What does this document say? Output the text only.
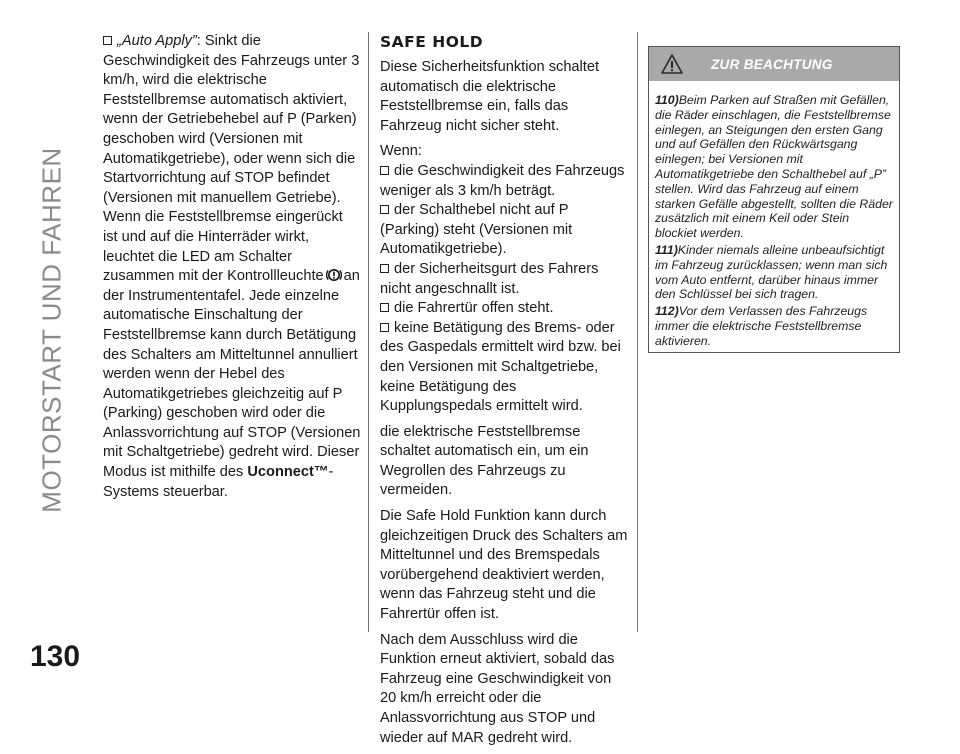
MOTORSTART UND FAHREN
130

„Auto Apply”: Sinkt die Geschwindigkeit des Fahrzeugs unter 3 km/h, wird die elektrische Feststellbremse automatisch aktiviert, wenn der Getriebehebel auf P (Parken) geschoben wird (Versionen mit Automatikgetriebe), oder wenn sich die Startvorrichtung auf STOP befindet (Versionen mit manuellem Getriebe). Wenn die Feststellbremse eingerückt ist und auf die Hinterräder wirkt, leuchtet die LED am Schalter zusammen mit der Kontrollleuchte an der Instrumententafel. Jede einzelne automatische Einschaltung der Feststellbremse kann durch Betätigung des Schalters am Mitteltunnel annulliert werden wenn der Hebel des Automatikgetriebes gleichzeitig auf P (Parking) geschoben wird oder die Anlassvorrichtung auf STOP (Versionen mit Schaltgetriebe) gedreht wird. Dieser Modus ist mithilfe des Uconnect™-Systems steuerbar.

SAFE HOLD

Diese Sicherheitsfunktion schaltet automatisch die elektrische Feststellbremse ein, falls das Fahrzeug nicht sicher steht.

Wenn:

die Geschwindigkeit des Fahrzeugs weniger als 3 km/h beträgt.
der Schalthebel nicht auf P (Parking) steht (Versionen mit Automatikgetriebe).
der Sicherheitsgurt des Fahrers nicht angeschnallt ist.
die Fahrertür offen steht.
keine Betätigung des Brems- oder des Gaspedals ermittelt wird bzw. bei den Versionen mit Schaltgetriebe, keine Betätigung des Kupplungspedals ermittelt wird.

die elektrische Feststellbremse schaltet automatisch ein, um ein Wegrollen des Fahrzeugs zu vermeiden.

Die Safe Hold Funktion kann durch gleichzeitigen Druck des Schalters am Mitteltunnel und des Bremspedals vorübergehend deaktiviert werden, wenn das Fahrzeug steht und die Fahrertür offen ist.

Nach dem Ausschluss wird die Funktion erneut aktiviert, sobald das Fahrzeug eine Geschwindigkeit von 20 km/h erreicht oder die Anlassvorrichtung aus STOP und wieder auf MAR gedreht wird.

ZUR BEACHTUNG

110)Beim Parken auf Straßen mit Gefällen, die Räder einschlagen, die Feststellbremse einlegen, an Steigungen den ersten Gang und auf Gefällen den Rückwärtsgang einlegen; bei Versionen mit Automatikgetriebe den Schalthebel auf „P” stellen. Wird das Fahrzeug auf einem starken Gefälle abgestellt, sollten die Räder zusätzlich mit einem Keil oder Stein blockiet werden.

111)Kinder niemals alleine unbeaufsichtigt im Fahrzeug zurücklassen; wenn man sich vom Auto entfernt, darüber hinaus immer den Schlüssel bei sich tragen.

112)Vor dem Verlassen des Fahrzeugs immer die elektrische Feststellbremse aktivieren.
